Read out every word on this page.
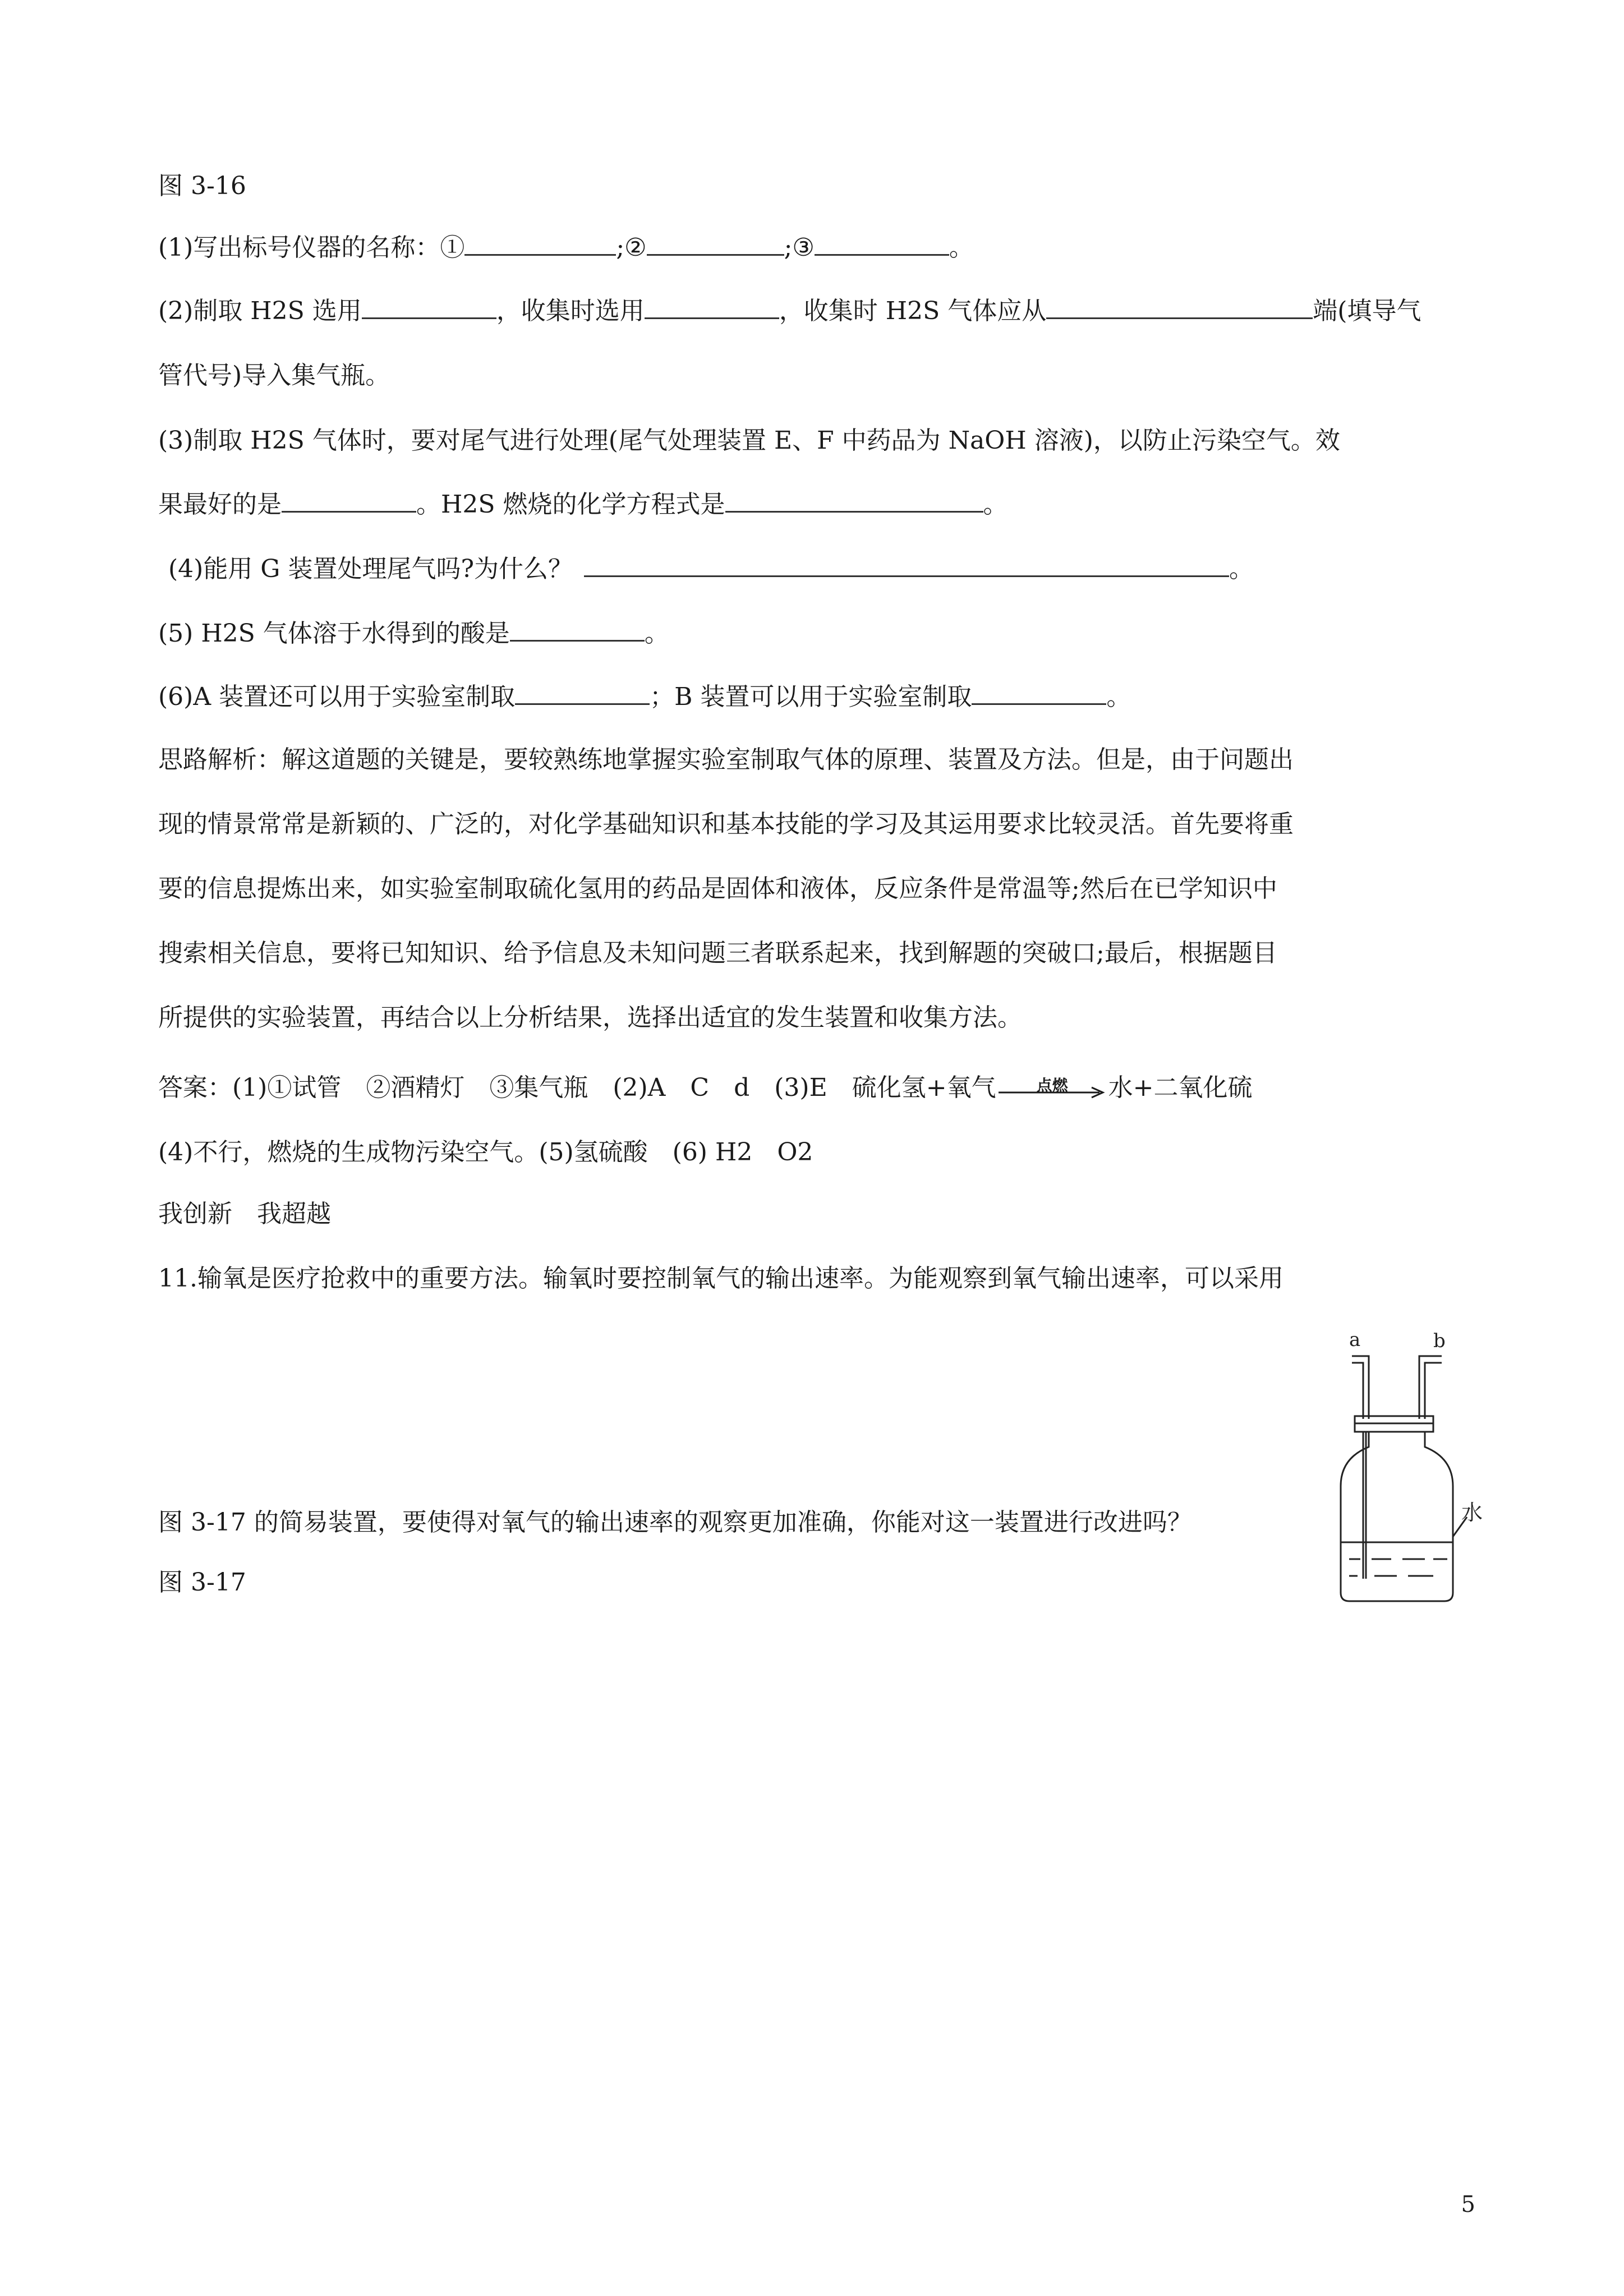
图 3-16
(1)写出标号仪器的名称：①	;②	;③	。
(2)制取 H2S 选用	，收集时选用	，收集时 H2S 气体应从	端(填导气
管代号)导入集气瓶。
(3)制取 H2S 气体时，要对尾气进行处理(尾气处理装置 E、F 中药品为 NaOH 溶液)，以防止污染空气。效
果最好的是	。H2S 燃烧的化学方程式是	。
(4)能用 G 装置处理尾气吗?为什么？	。
(5) H2S 气体溶于水得到的酸是	。
(6)A 装置还可以用于实验室制取	；B 装置可以用于实验室制取	。
思路解析：解这道题的关键是，要较熟练地掌握实验室制取气体的原理、装置及方法。但是，由于问题出
现的情景常常是新颖的、广泛的，对化学基础知识和基本技能的学习及其运用要求比较灵活。首先要将重
要的信息提炼出来，如实验室制取硫化氢用的药品是固体和液体，反应条件是常温等;然后在已学知识中
搜索相关信息，要将已知知识、给予信息及未知问题三者联系起来，找到解题的突破口;最后，根据题目
所提供的实验装置，再结合以上分析结果，选择出适宜的发生装置和收集方法。
答案：(1)①试管　②酒精灯　③集气瓶　(2)A　C　d　(3)E　硫化氢+氧气	点燃	水+二氧化硫
(4)不行，燃烧的生成物污染空气。(5)氢硫酸　(6) H2　O2
我创新　我超越
11.输氧是医疗抢救中的重要方法。输氧时要控制氧气的输出速率。为能观察到氧气输出速率，可以采用
图 3-17 的简易装置，要使得对氧气的输出速率的观察更加准确，你能对这一装置进行改进吗？
图 3-17
a	b
水
5
